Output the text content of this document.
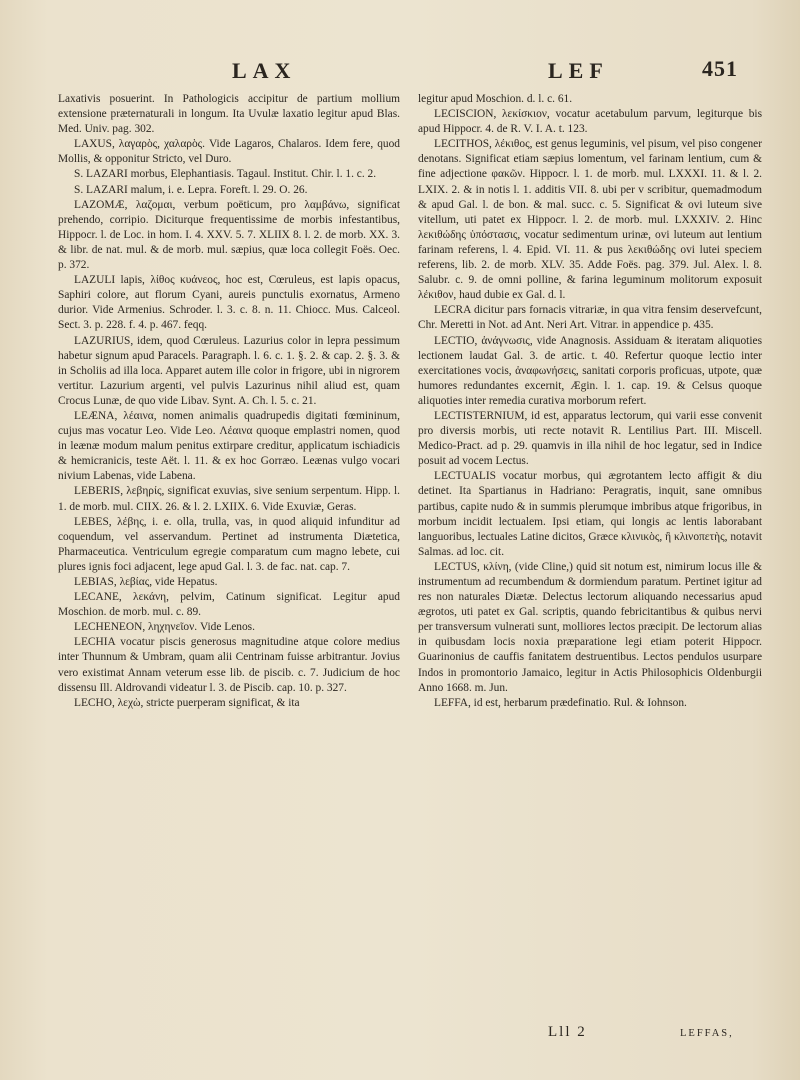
LAX	LEF	451

Laxativis posuerint. In Pathologicis accipitur de partium mollium extensione præternaturali in longum. Ita Uvulæ laxatio legitur apud Blas. Med. Univ. pag. 302.

LAXUS, λαγαρὸς, χαλαρὸς. Vide Lagaros, Chalaros. Idem fere, quod Mollis, & opponitur Stricto, vel Duro.

S. LAZARI morbus, Elephantiasis. Tagaul. Institut. Chir. l. 1. c. 2.

S. LAZARI malum, i. e. Lepra. Foreft. l. 29. O. 26.

LAZOMÆ, λαζομαι, verbum poëticum, pro λαμβάνω, significat prehendo, corripio. Diciturque frequentissime de morbis infestantibus, Hippocr. l. de Loc. in hom. I. 4. XXV. 5. 7. XLIIX 8. l. 2. de morb. XX. 3. & libr. de nat. mul. & de morb. mul. sæpius, quæ loca collegit Foës. Oec. p. 372.

LAZULI lapis, λίθος κυάνεος, hoc est, Cœruleus, est lapis opacus, Saphiri colore, aut florum Cyani, aureis punctulis exornatus, Armeno durior. Vide Armenius. Schroder. l. 3. c. 8. n. 11. Chiocc. Mus. Calceol. Sect. 3. p. 228. f. 4. p. 467. feqq.

LAZURIUS, idem, quod Cœruleus. Lazurius color in lepra pessimum habetur signum apud Paracels. Paragraph. l. 6. c. 1. §. 2. & cap. 2. §. 3. & in Scholiis ad illa loca. Apparet autem ille color in frigore, ubi in nigrorem vertitur. Lazurium argenti, vel pulvis Lazurinus nihil aliud est, quam Crocus Lunæ, de quo vide Libav. Synt. A. Ch. l. 5. c. 21.

LEÆNA, λέαινα, nomen animalis quadrupedis digitati fœmininum, cujus mas vocatur Leo. Vide Leo. Λέαινα quoque emplastri nomen, quod in leænæ modum malum penitus extirpare creditur, applicatum ischiadicis & hemicranicis, teste Aët. l. 11. & ex hoc Gorræo. Leænas vulgo vocari nivium Labenas, vide Labena.

LEBERIS, λεβηρίς, significat exuvias, sive senium serpentum. Hipp. l. 1. de morb. mul. CIIX. 26. & l. 2. LXIIX. 6. Vide Exuviæ, Geras.

LEBES, λέβης, i. e. olla, trulla, vas, in quod aliquid infunditur ad coquendum, vel asservandum. Pertinet ad instrumenta Diætetica, Pharmaceutica. Ventriculum egregie comparatum cum magno lebete, cui plures ignis foci adjacent, lege apud Gal. l. 3. de fac. nat. cap. 7.

LEBIAS, λεβίας, vide Hepatus.

LECANE, λεκάνη, pelvim, Catinum significat. Legitur apud Moschion. de morb. mul. c. 89.

LECHENEON, ληχηνεῖον. Vide Lenos.

LECHIA vocatur piscis generosus magnitudine atque colore medius inter Thunnum & Umbram, quam alii Centrinam fuisse arbitrantur. Jovius vero existimat Annam veterum esse lib. de piscib. c. 7. Judicium de hoc dissensu Ill. Aldrovandi videatur l. 3. de Piscib. cap. 10. p. 327.

LECHO, λεχὼ, stricte puerperam significat, & ita

legitur apud Moschion. d. l. c. 61.

LECISCION, λεκίσκιον, vocatur acetabulum parvum, legiturque bis apud Hippocr. 4. de R. V. I. A. t. 123.

LECITHOS, λέκιθος, est genus leguminis, vel pisum, vel piso congener denotans. Significat etiam sæpius lomentum, vel farinam lentium, cum & fine adjectione φακῶν. Hippocr. l. 1. de morb. mul. LXXXI. 11. & l. 2. LXIX. 2. & in notis l. 1. additis VII. 8. ubi per v scribitur, quemadmodum & apud Gal. l. de bon. & mal. succ. c. 5. Significat & ovi luteum sive vitellum, uti patet ex Hippocr. l. 2. de morb. mul. LXXXIV. 2. Hinc λεκιθώδης ὑπόστασις, vocatur sedimentum urinæ, ovi luteum aut lentium farinam referens, l. 4. Epid. VI. 11. & pus λεκιθώδης ovi lutei speciem referens, lib. 2. de morb. XLV. 35. Adde Foës. pag. 379. Jul. Alex. l. 8. Salubr. c. 9. de omni polline, & farina leguminum molitorum exposuit λέκιθον, haud dubie ex Gal. d. l.

LECRA dicitur pars fornacis vitrariæ, in qua vitra fensim deservefcunt, Chr. Meretti in Not. ad Ant. Neri Art. Vitrar. in appendice p. 435.

LECTIO, ἀνάγνωσις, vide Anagnosis. Assiduam & iteratam aliquoties lectionem laudat Gal. 3. de artic. t. 40. Refertur quoque lectio inter exercitationes vocis, ἀναφωνήσεις, sanitati corporis proficuas, utpote, quæ humores redundantes excernit, Ægin. l. 1. cap. 19. & Celsus quoque aliquoties inter remedia curativa morborum refert.

LECTISTERNIUM, id est, apparatus lectorum, qui varii esse convenit pro diversis morbis, uti recte notavit R. Lentilius Part. III. Miscell. Medico-Pract. ad p. 29. quamvis in illa nihil de hoc legatur, sed in Indice posuit ad vocem Lectus.

LECTUALIS vocatur morbus, qui ægrotantem lecto affigit & diu detinet. Ita Spartianus in Hadriano: Peragratis, inquit, sane omnibus partibus, capite nudo & in summis plerumque imbribus atque frigoribus, in morbum incidit lectualem. Ipsi etiam, qui longis ac lentis laborabant languoribus, lectuales Latine dicitos, Græce κλινικὸς, ἢ κλινοπετὴς, notavit Salmas. ad loc. cit.

LECTUS, κλίνη, (vide Cline,) quid sit notum est, nimirum locus ille & instrumentum ad recumbendum & dormiendum paratum. Pertinet igitur ad res non naturales Diætæ. Delectus lectorum aliquando necessarius apud ægrotos, uti patet ex Gal. scriptis, quando febricitantibus & quibus nervi per transversum vulnerati sunt, molliores lectos præcipit. De lectorum alias in quibusdam locis noxia præparatione legi etiam poterit Hippocr. Guarinonius de cauffis fanitatem destruentibus. Lectos pendulos usurpare Indos in promontorio Jamaico, legitur in Actis Philosophicis Oldenburgii Anno 1668. m. Jun.

LEFFA, id est, herbarum prædefinatio. Rul. & Iohnson.

Lll 2	LEFFAS,
